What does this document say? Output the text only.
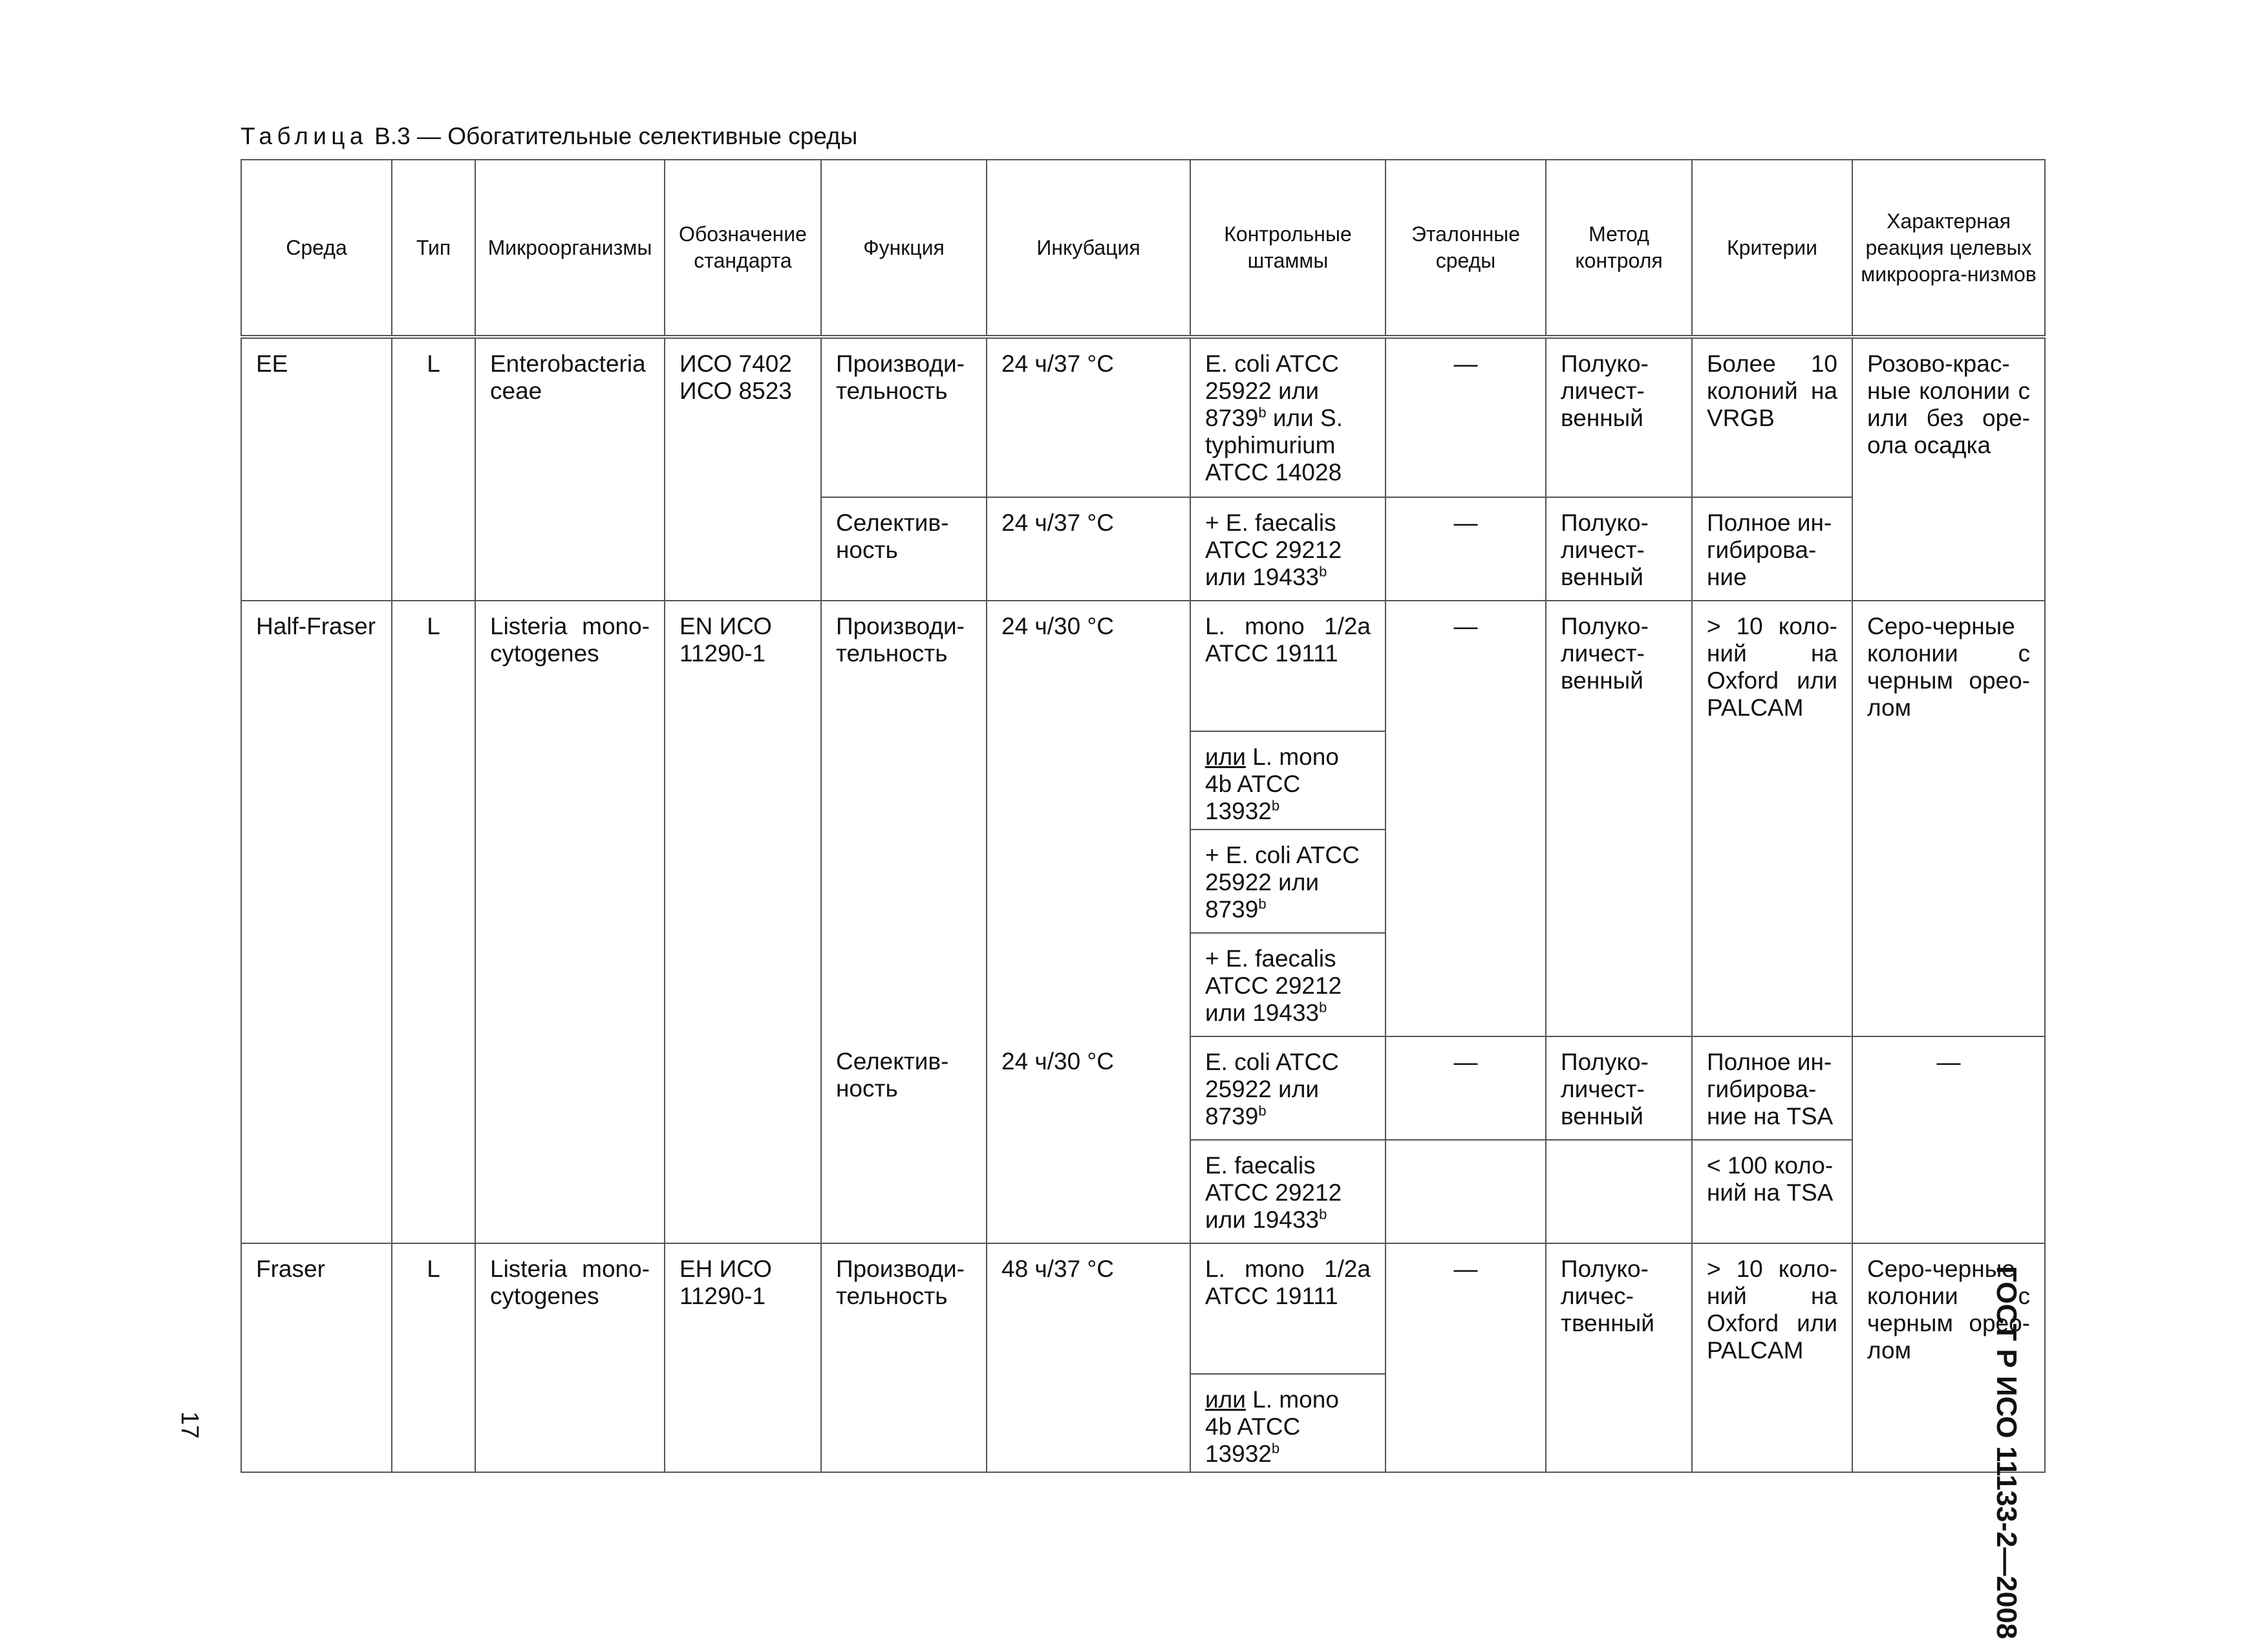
Таблица В.3 — Обогатительные селективные среды
Среда	Тип	Микроорганизмы	Обозначение стандарта	Функция	Инкубация	Контрольные штаммы	Эталонные среды	Метод контроля	Критерии	Характерная реакция целевых микроорга-низмов
EE	L	Enterobacteriaceae	ИСО 7402 ИСО 8523	Производи-тельность	24 ч/37 °С	E. coli ATCC 25922 или 8739$^b$ или S. typhimurium ATCC 14028	—	Полуко-личест-венный	Более 10 колоний на VRGB	Розово-крас-ные колонии с или без оре-ола осадка
				Селектив-ность	24 ч/37 °С	+ E. faecalis ATCC 29212 или 19433$^b$	—	Полуко-личест-венный	Полное ин-гибирова-ние	
Half-Fraser	L	Listeria mono-cytogenes	EN ИСО 11290-1	Производи-тельность	24 ч/30 °С	L. mono 1/2a ATCC 19111	—	Полуко-личест-венный	> 10 коло-ний на Oxford или PALCAM	Серо-черные колонии с черным орео-лом
						или L. mono 4b ATCC 13932$^b$
						+ E. coli ATCC 25922 или 8739$^b$
						+ E. faecalis ATCC 29212 или 19433$^b$
				Селектив-ность	24 ч/30 °С	E. coli ATCC 25922 или 8739$^b$	—	Полуко-личест-венный	Полное ин-гибирова-ние на TSA	—
						E. faecalis ATCC 29212 или 19433$^b$			< 100 коло-ний на TSA	
Fraser	L	Listeria mono-cytogenes	ЕН ИСО 11290-1	Производи-тельность	48 ч/37 °С	L. mono 1/2a ATCC 19111	—	Полуко-личес-твенный	> 10 коло-ний на Oxford или PALCAM	Серо-черные колонии с черным орео-лом
						или L. mono 4b ATCC 13932$^b$
17	ГОСТ Р ИСО 11133-2—2008
